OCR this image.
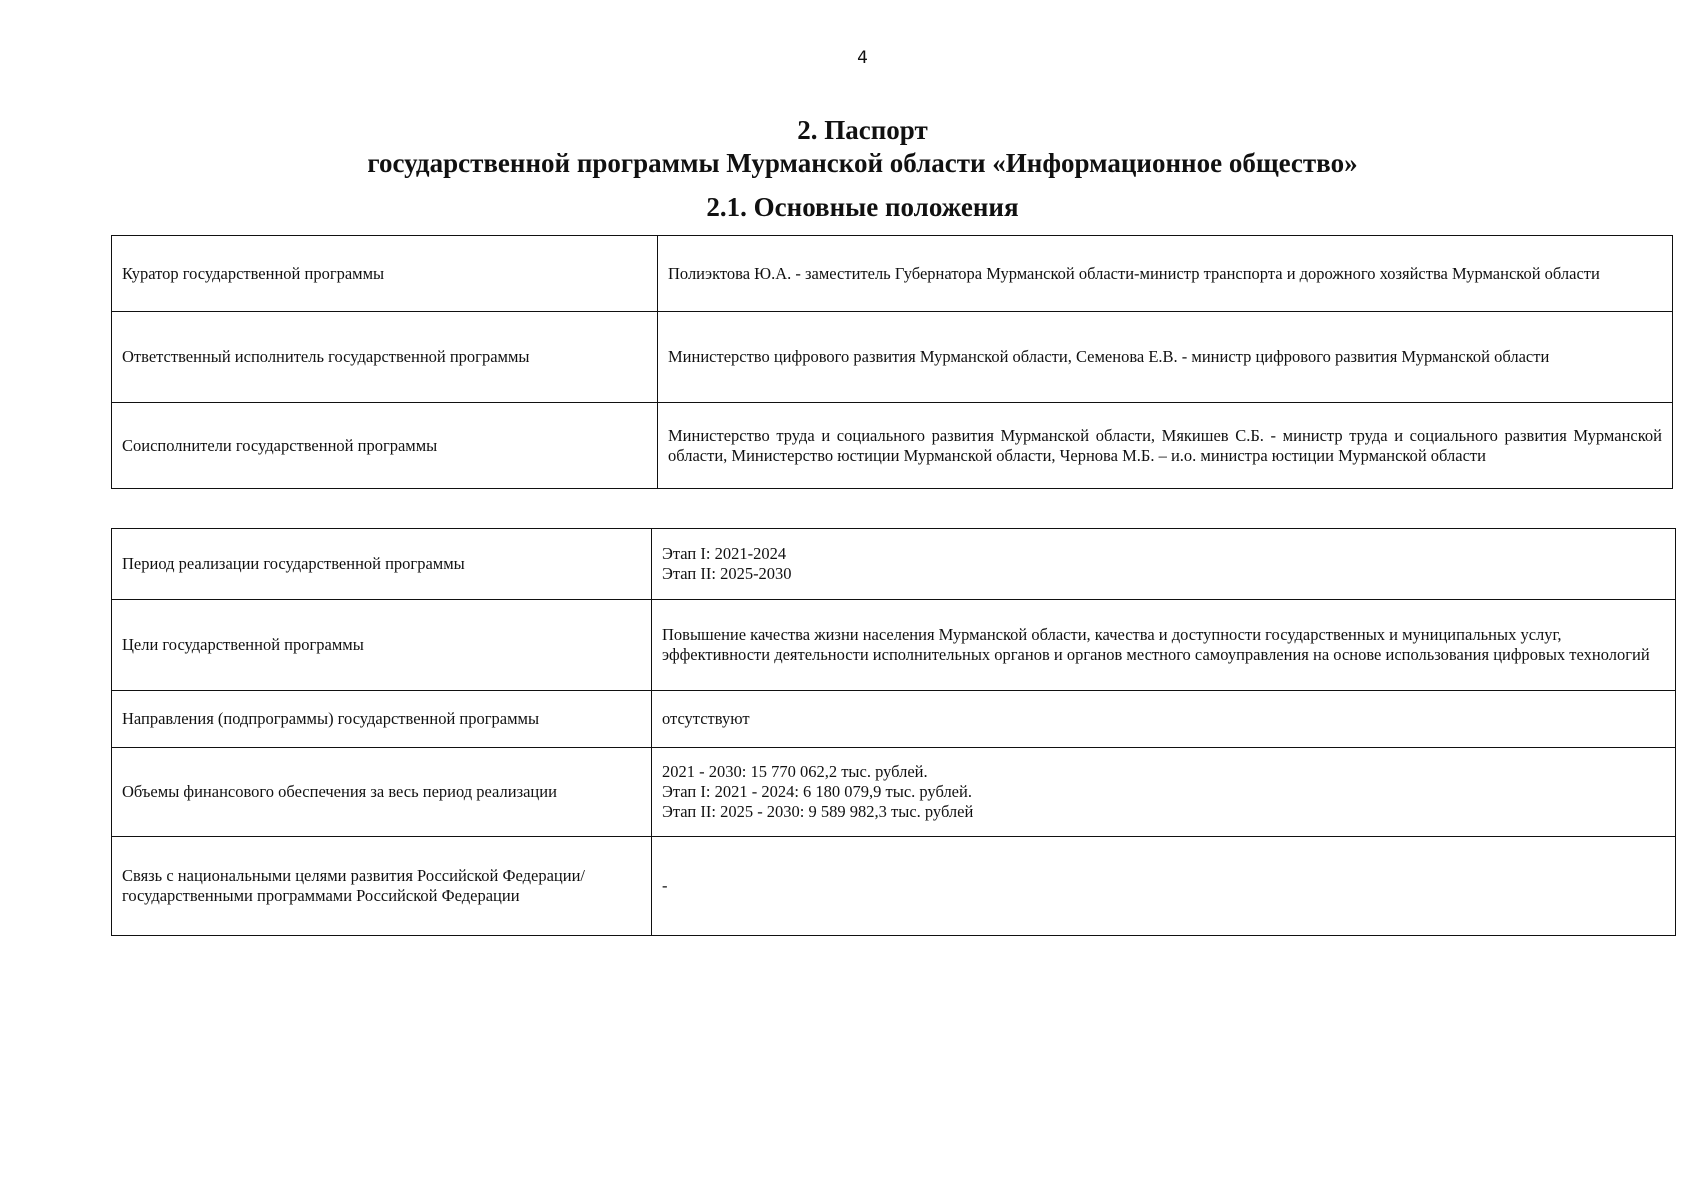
4
2. Паспорт
государственной программы Мурманской области «Информационное общество»
2.1. Основные положения
Куратор государственной программы	Полиэктова Ю.А. - заместитель Губернатора Мурманской области-министр транспорта и дорожного хозяйства Мурманской области
Ответственный исполнитель государственной программы	Министерство цифрового развития Мурманской области, Семенова Е.В. - министр цифрового развития Мурманской области
Соисполнители государственной программы	Министерство труда и социального развития Мурманской области, Мякишев С.Б. - министр труда и социального развития Мурманской области, Министерство юстиции Мурманской области, Чернова М.Б. – и.о. министра юстиции Мурманской области
Период реализации государственной программы	Этап I: 2021-2024
Этап II: 2025-2030

Цели государственной программы	Повышение качества жизни населения Мурманской области, качества и доступности государственных и муниципальных услуг, эффективности деятельности исполнительных органов и органов местного самоуправления на основе использования цифровых технологий
Направления (подпрограммы) государственной программы	отсутствуют
Объемы финансового обеспечения за весь период реализации	2021 - 2030: 15 770 062,2 тыс. рублей.
Этап I: 2021 - 2024: 6 180 079,9 тыс. рублей.
Этап II: 2025 - 2030: 9 589 982,3 тыс. рублей

Связь с национальными целями развития Российской Федерации/
государственными программами Российской Федерации	-
